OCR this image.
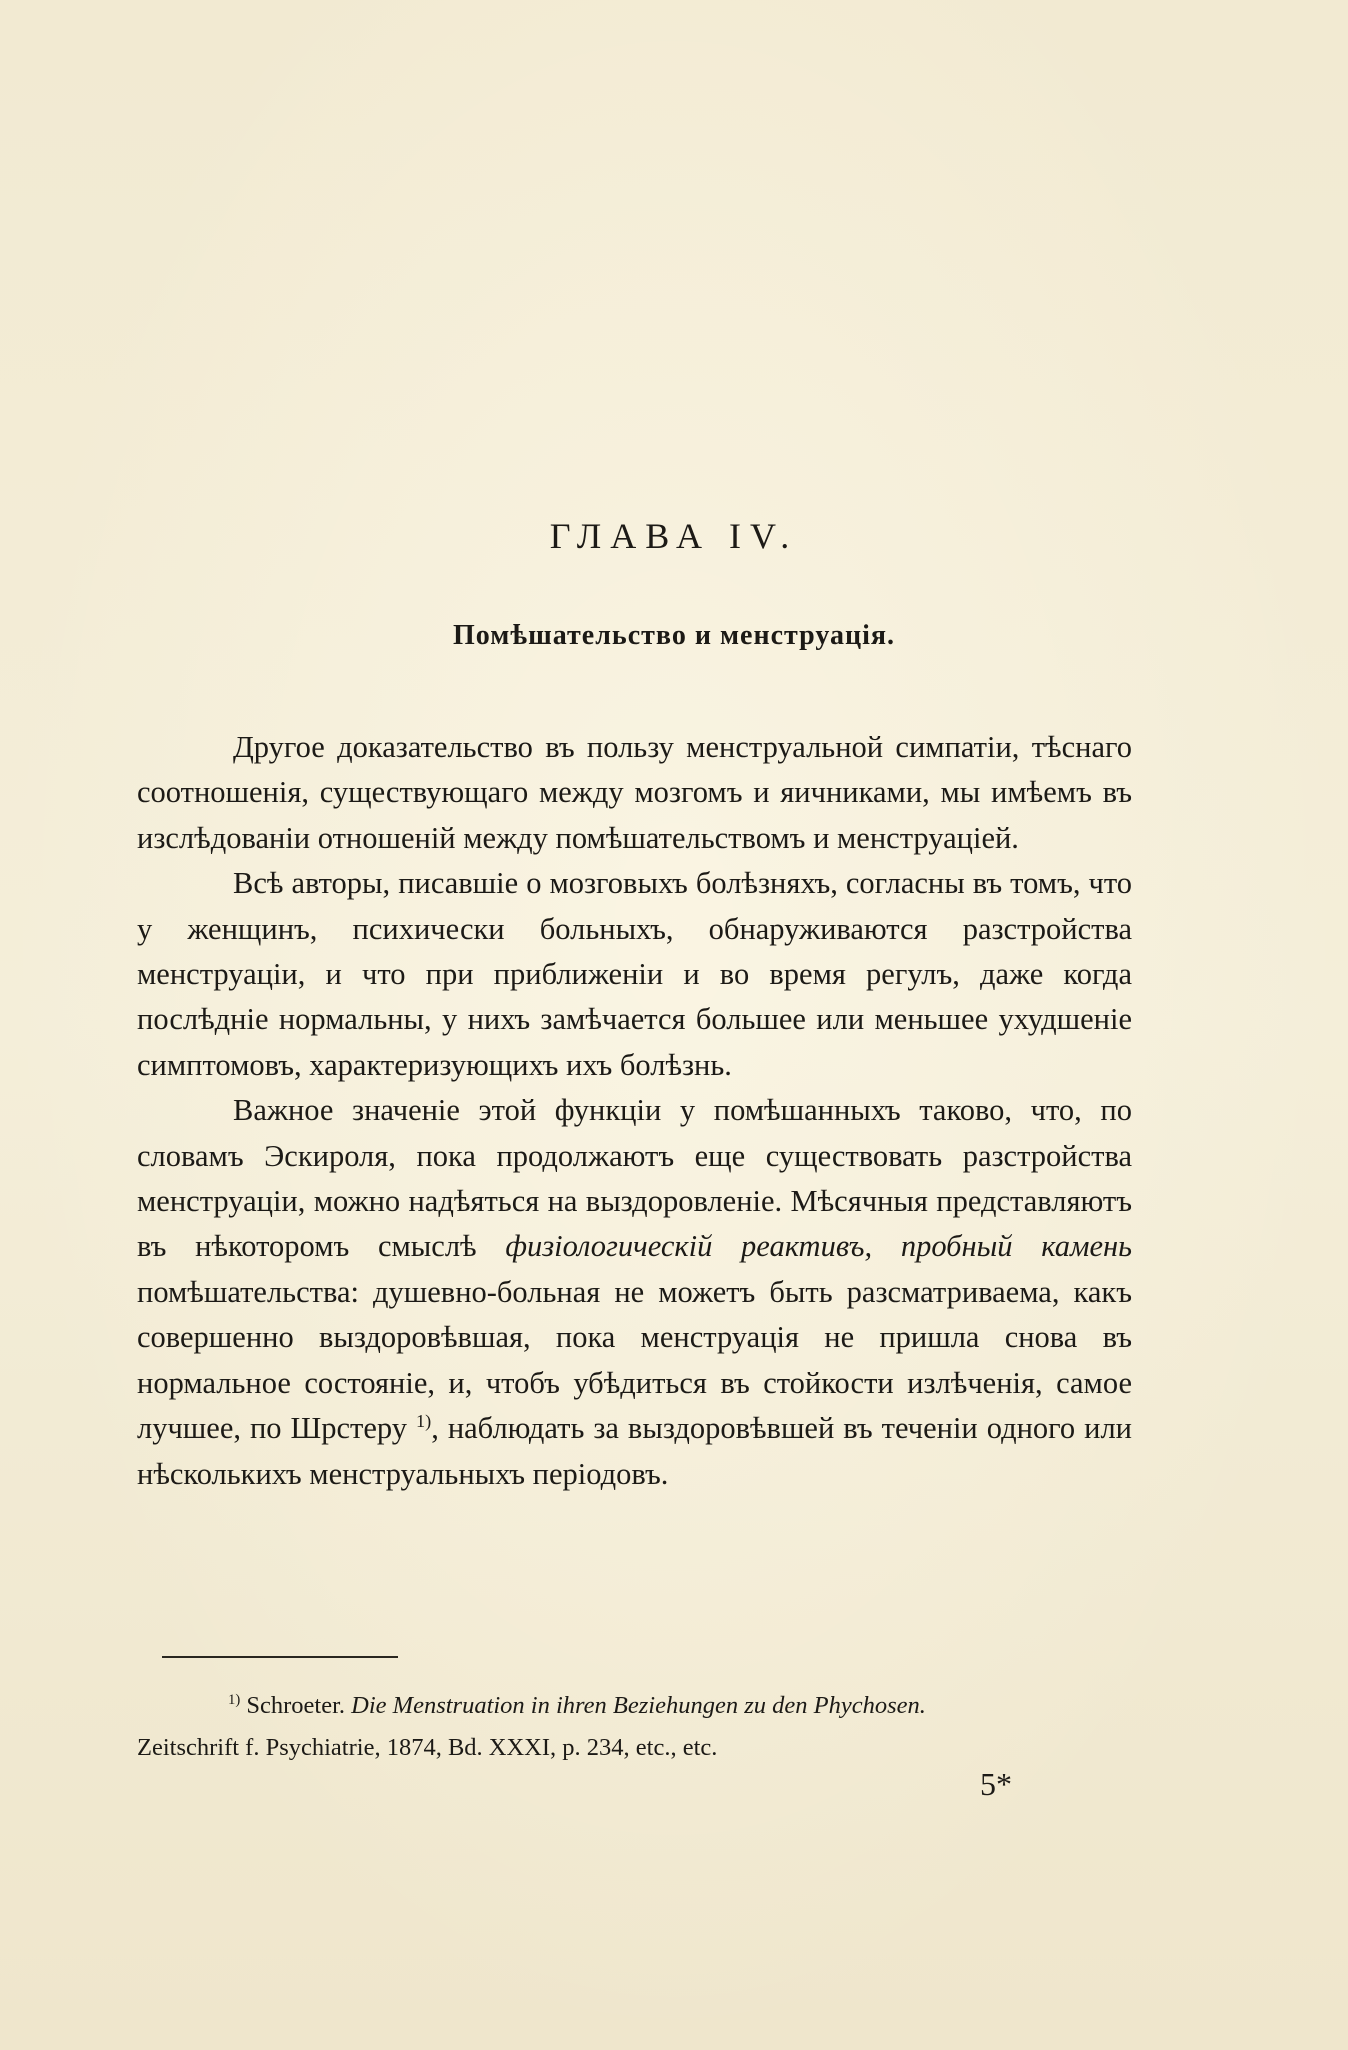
ГЛАВА IV.
Помѣшательство и менструація.

Другое доказательство въ пользу менструальной симпатіи, тѣснаго соотношенія, существующаго между мозгомъ и яичниками, мы имѣемъ въ изслѣдованіи отношеній между помѣшательствомъ и менструаціей.

Всѣ авторы, писавшіе о мозговыхъ болѣзняхъ, согласны въ томъ, что у женщинъ, психически больныхъ, обнаруживаются разстройства менструаціи, и что при приближеніи и во время регулъ, даже когда послѣдніе нормальны, у нихъ замѣчается большее или меньшее ухудшеніе симптомовъ, характеризующихъ ихъ болѣзнь.

Важное значеніе этой функціи у помѣшанныхъ таково, что, по словамъ Эскироля, пока продолжаютъ еще существовать разстройства менструаціи, можно надѣяться на выздоровленіе. Мѣсячныя представляютъ въ нѣкоторомъ смыслѣ физіологическій реактивъ, пробный камень помѣшательства: душевно-больная не можетъ быть разсматриваема, какъ совершенно выздоровѣвшая, пока менструація не пришла снова въ нормальное состояніе, и, чтобъ убѣдиться въ стойкости излѣченія, самое лучшее, по Шрстеру $^{1)}$, наблюдать за выздоровѣвшей въ теченіи одного или нѣсколькихъ менструальныхъ періодовъ.

$^{1)}$ Schroeter. Die Menstruation in ihren Beziehungen zu den Phychosen.
Zeitschrift f. Psychiatrie, 1874, Bd. XXXI, p. 234, etc., etc.
5*
